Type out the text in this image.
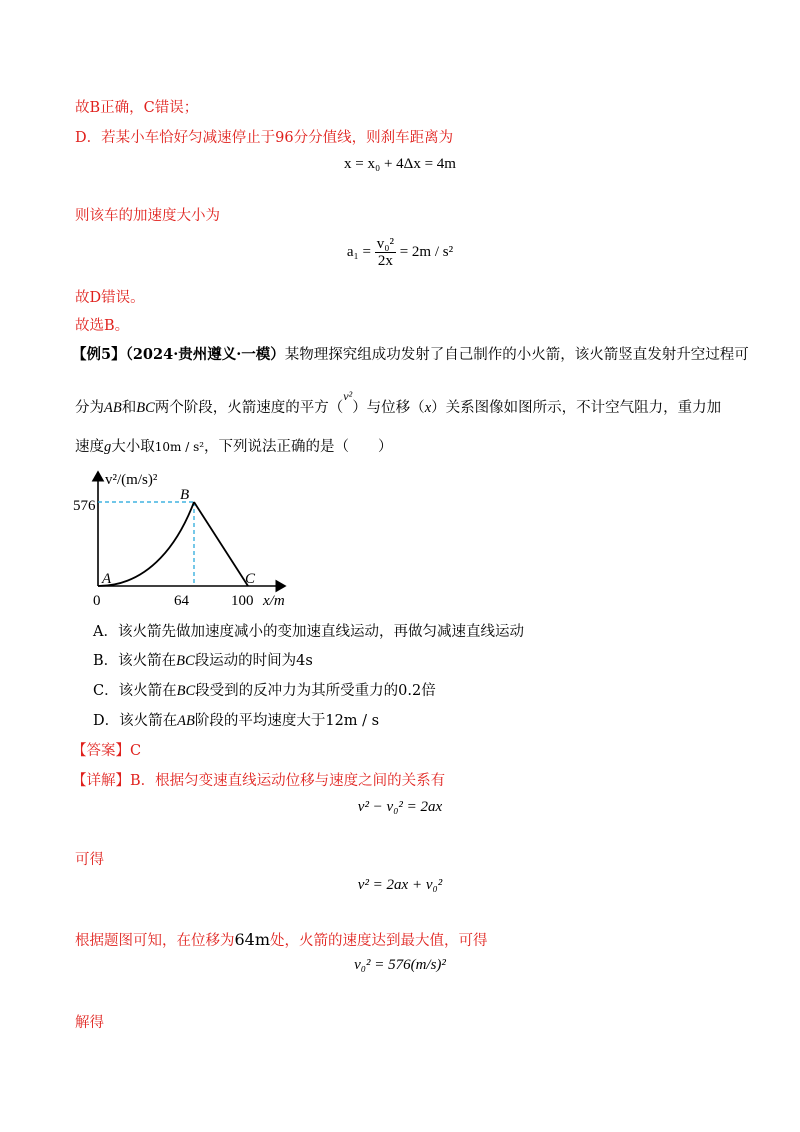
故B正确，C错误；
D．若某小车恰好匀减速停止于96分分值线，则刹车距离为
x = x₀ + 4Δx = 4m
则该车的加速度大小为
$a_1 = \frac{\text{v₀²}}{2x} = 2m / s^2$
故D错误。
故选B。
【例5】（2024·贵州遵义·一模）某物理探究组成功发射了自己制作的小火箭，该火箭竖直发射升空过程可
分为AB和BC两个阶段，火箭速度的平方（$^{v^2}$）与位移（x）关系图像如图所示，不计空气阻力，重力加
速度g大小取10m / s²，下列说法正确的是（　　）
v²/(m/s)²
x/m
576
0	64	100
A
B
C
A．该火箭先做加速度减小的变加速直线运动，再做匀减速直线运动
B．该火箭在BC段运动的时间为4s
C．该火箭在BC段受到的反冲力为其所受重力的0.2倍
D．该火箭在AB阶段的平均速度大于12m / s
【答案】C
【详解】B．根据匀变速直线运动位移与速度之间的关系有
v² − v₀² = 2ax
可得
v² = 2ax + v₀²
根据题图可知，在位移为64m处，火箭的速度达到最大值，可得
v₀² = 576(m/s)²
解得
